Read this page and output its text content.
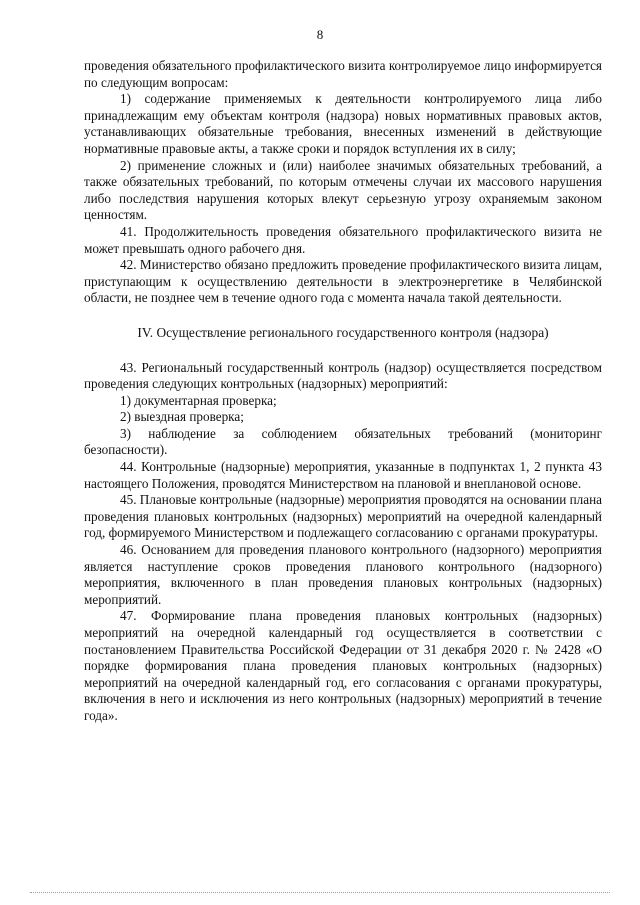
8

проведения обязательного профилактического визита контролируемое лицо информируется по следующим вопросам:

1) содержание применяемых к деятельности контролируемого лица либо принадлежащим ему объектам контроля (надзора) новых нормативных правовых актов, устанавливающих обязательные требования, внесенных изменений в действующие нормативные правовые акты, а также сроки и порядок вступления их в силу;

2) применение сложных и (или) наиболее значимых обязательных требований, а также обязательных требований, по которым отмечены случаи их массового нарушения либо последствия нарушения которых влекут серьезную угрозу охраняемым законом ценностям.

41. Продолжительность проведения обязательного профилактического визита не может превышать одного рабочего дня.

42. Министерство обязано предложить проведение профилактического визита лицам, приступающим к осуществлению деятельности в электроэнергетике в Челябинской области, не позднее чем в течение одного года с момента начала такой деятельности.

IV. Осуществление регионального государственного контроля (надзора)

43. Региональный государственный контроль (надзор) осуществляется посредством проведения следующих контрольных (надзорных) мероприятий:

1) документарная проверка;

2) выездная проверка;

3) наблюдение за соблюдением обязательных требований (мониторинг безопасности).

44. Контрольные (надзорные) мероприятия, указанные в подпунктах 1, 2 пункта 43 настоящего Положения, проводятся Министерством на плановой и внеплановой основе.

45. Плановые контрольные (надзорные) мероприятия проводятся на основании плана проведения плановых контрольных (надзорных) мероприятий на очередной календарный год, формируемого Министерством и подлежащего согласованию с органами прокуратуры.

46. Основанием для проведения планового контрольного (надзорного) мероприятия является наступление сроков проведения планового контрольного (надзорного) мероприятия, включенного в план проведения плановых контрольных (надзорных) мероприятий.

47. Формирование плана проведения плановых контрольных (надзорных) мероприятий на очередной календарный год осуществляется в соответствии с постановлением Правительства Российской Федерации от 31 декабря 2020 г. № 2428 «О порядке формирования плана проведения плановых контрольных (надзорных) мероприятий на очередной календарный год, его согласования с органами прокуратуры, включения в него и исключения из него контрольных (надзорных) мероприятий в течение года».
